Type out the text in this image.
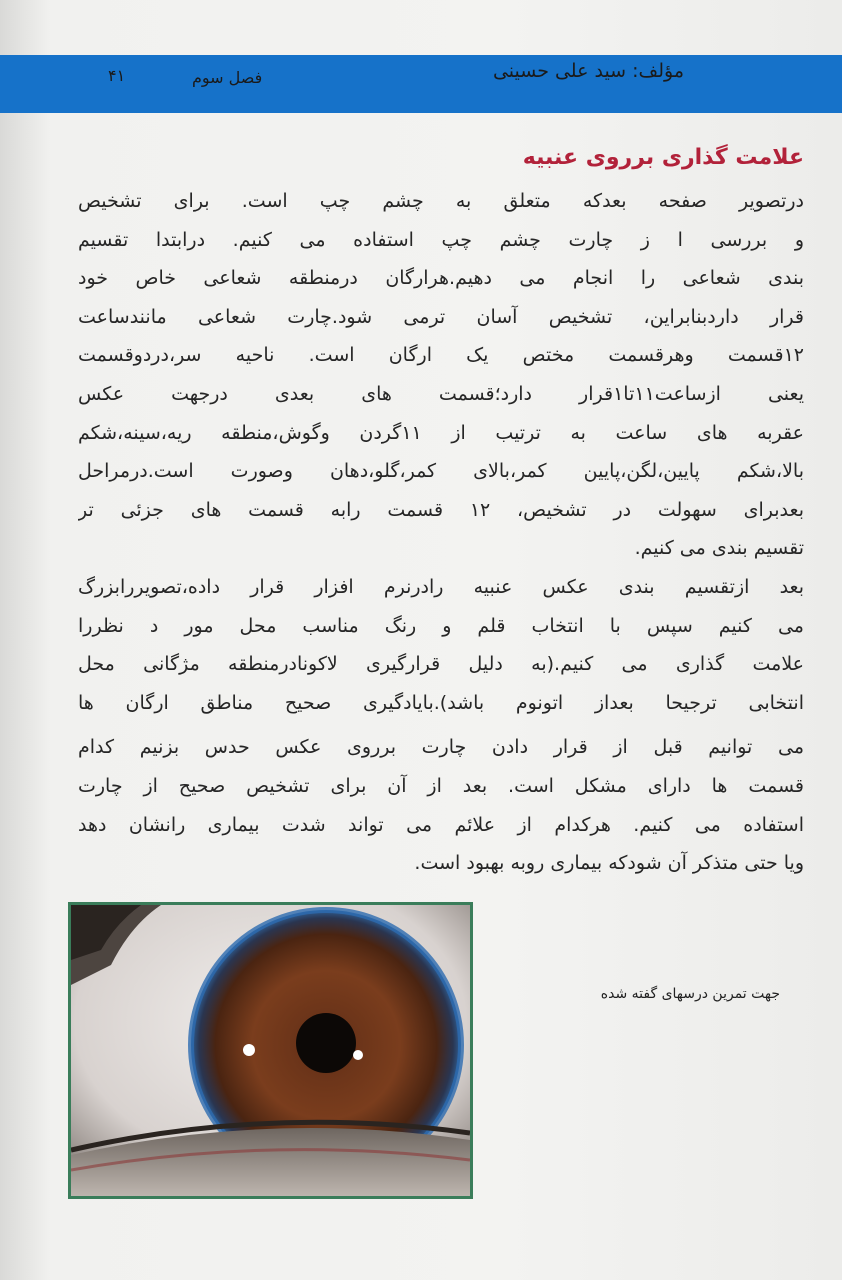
مؤلف: سید علی حسینی
فصل سوم
۴۱
علامت گذاری برروی عنبیه
درتصویر صفحه بعدکه متعلق به چشم چپ است. برای تشخیص
و بررسی ا ز چارت چشم چپ استفاده می کنیم. درابتدا تقسیم
بندی شعاعی را انجام می دهیم.هرارگان درمنطقه شعاعی خاص خود
قرار داردبنابراین، تشخیص آسان ترمی شود.چارت شعاعی مانندساعت
۱۲قسمت وهرقسمت مختص یک ارگان است. ناحیه سر،دردوقسمت
یعنی ازساعت۱۱تا۱قرار دارد؛قسمت های بعدی درجهت عکس
عقربه های ساعت به ترتیب از ۱۱گردن وگوش،منطقه ریه،سینه،شکم
بالا،شکم پایین،لگن،پایین کمر،بالای کمر،گلو،دهان وصورت است.درمراحل
بعدبرای سهولت در تشخیص، ۱۲ قسمت رابه قسمت های جزئی تر
تقسیم بندی می کنیم.
بعد ازتقسیم بندی عکس عنبیه رادرنرم افزار قرار داده،تصویررابزرگ
می کنیم سپس با انتخاب قلم و رنگ مناسب محل مور د نظررا
علامت گذاری می کنیم.(به دلیل قرارگیری لاکونادرمنطقه مژگانی محل
انتخابی ترجیحا بعداز اتونوم باشد).بایادگیری صحیح مناطق ارگان ها
می توانیم قبل از قرار دادن چارت برروی عکس حدس بزنیم کدام
قسمت ها دارای مشکل است. بعد از آن برای تشخیص صحیح از چارت
استفاده می کنیم. هرکدام از علائم می تواند شدت بیماری رانشان دهد
ویا حتی متذکر آن شودکه بیماری روبه بهبود است.
جهت تمرین درسهای گفته شده
